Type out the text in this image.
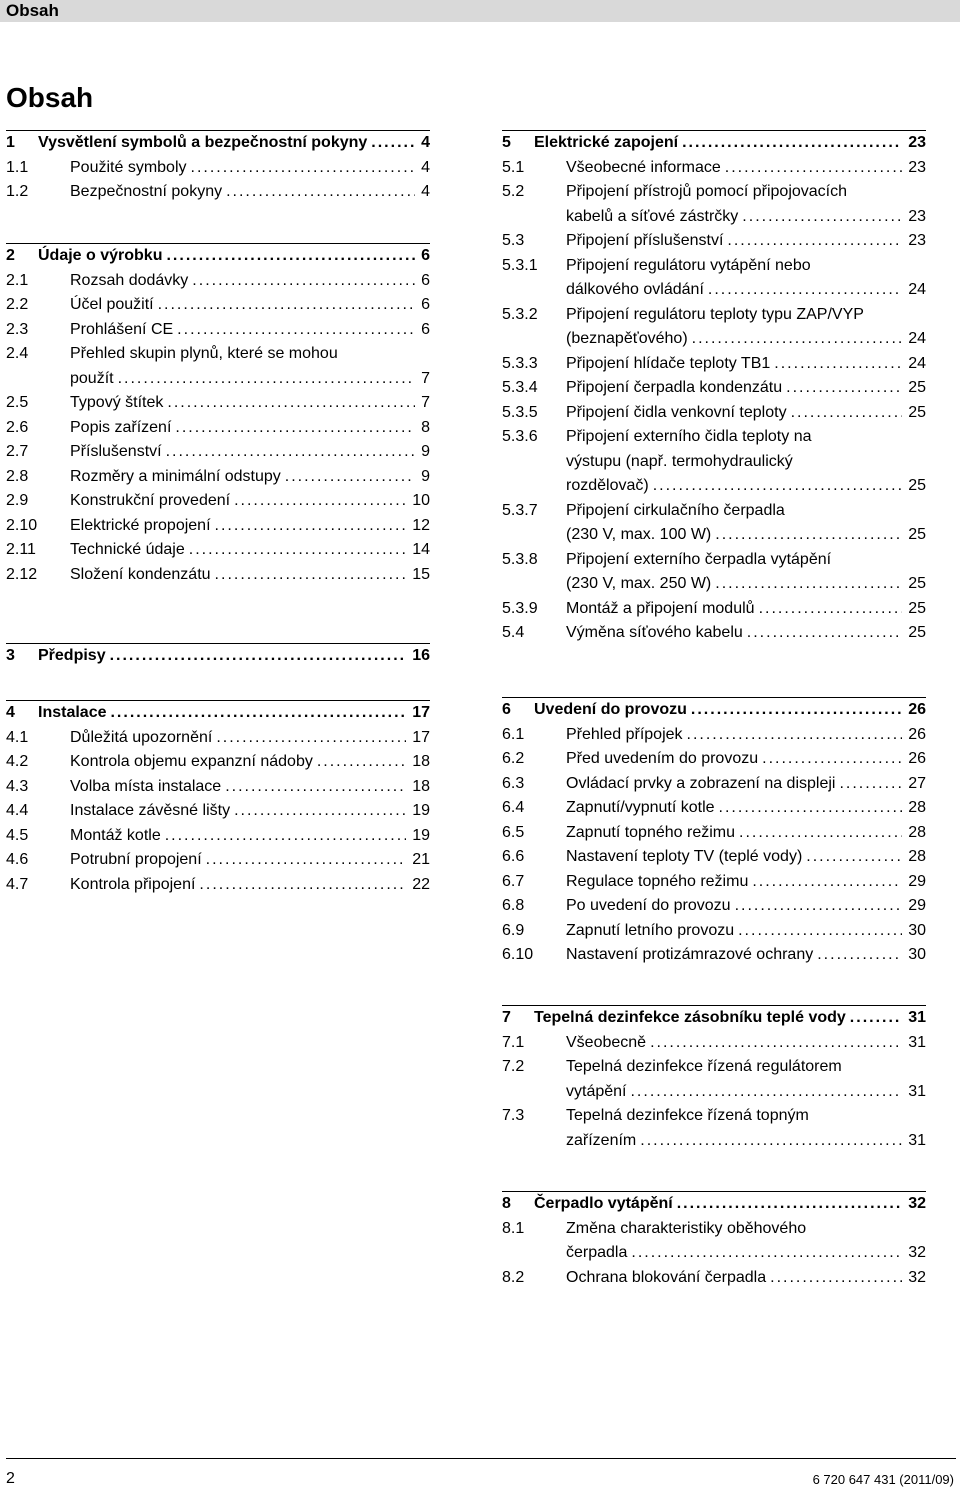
Obsah
Obsah
1 Vysvětlení symbolů a bezpečnostní pokyny .....	4
1.1	Použité symboly .....	4
1.2	Bezpečnostní pokyny .....	4
2 Údaje o výrobku .....	6
2.1	Rozsah dodávky .....	6
2.2	Účel použití .....	6
2.3	Prohlášení CE .....	6
2.4	Přehled skupin plynů, které se mohou
použít .....	7
2.5	Typový štítek .....	7
2.6	Popis zařízení .....	8
2.7	Příslušenství .....	9
2.8	Rozměry a minimální odstupy .....	9
2.9	Konstrukční provedení .....	10
2.10 Elektrické propojení .....	12
2.11 Technické údaje .....	14
2.12 Složení kondenzátu .....	15
3 Předpisy .....	16
4 Instalace .....	17
4.1	Důležitá upozornění .....	17
4.2	Kontrola objemu expanzní nádoby .....	18
4.3	Volba místa instalace .....	18
4.4	Instalace závěsné lišty .....	19
4.5	Montáž kotle .....	19
4.6	Potrubní propojení .....	21
4.7	Kontrola připojení .....	22
5 Elektrické zapojení .....	23
5.1	Všeobecné informace .....	23
5.2	Připojení přístrojů pomocí připojovacích
kabelů a síťové zástrčky .....	23
5.3	Připojení příslušenství .....	23
5.3.1 Připojení regulátoru vytápění nebo
dálkového ovládání .....	24
5.3.2 Připojení regulátoru teploty typu ZAP/VYP
(beznapěťového) .....	24
5.3.3 Připojení hlídače teploty TB1 .....	24
5.3.4 Připojení čerpadla kondenzátu .....	25
5.3.5 Připojení čidla venkovní teploty .....	25
5.3.6 Připojení externího čidla teploty na
výstupu (např. termohydraulický
rozdělovač) .....	25
5.3.7 Připojení cirkulačního čerpadla
(230 V, max. 100 W) .....	25
5.3.8 Připojení externího čerpadla vytápění
(230 V, max. 250 W) .....	25
5.3.9 Montáž a připojení modulů .....	25
5.4	Výměna síťového kabelu .....	25
6 Uvedení do provozu .....	26
6.1	Přehled přípojek .....	26
6.2	Před uvedením do provozu .....	26
6.3	Ovládací prvky a zobrazení na displeji .....	27
6.4	Zapnutí/vypnutí kotle .....	28
6.5	Zapnutí topného režimu .....	28
6.6	Nastavení teploty TV (teplé vody) .....	28
6.7	Regulace topného režimu .....	29
6.8	Po uvedení do provozu .....	29
6.9	Zapnutí letního provozu .....	30
6.10 Nastavení protizámrazové ochrany .....	30
7 Tepelná dezinfekce zásobníku teplé vody .....	31
7.1	Všeobecně .....	31
7.2	Tepelná dezinfekce řízená regulátorem
vytápění .....	31
7.3	Tepelná dezinfekce řízená topným
zařízením .....	31
8 Čerpadlo vytápění .....	32
8.1	Změna charakteristiky oběhového
čerpadla .....	32
8.2	Ochrana blokování čerpadla .....	32
2	6 720 647 431 (2011/09)
